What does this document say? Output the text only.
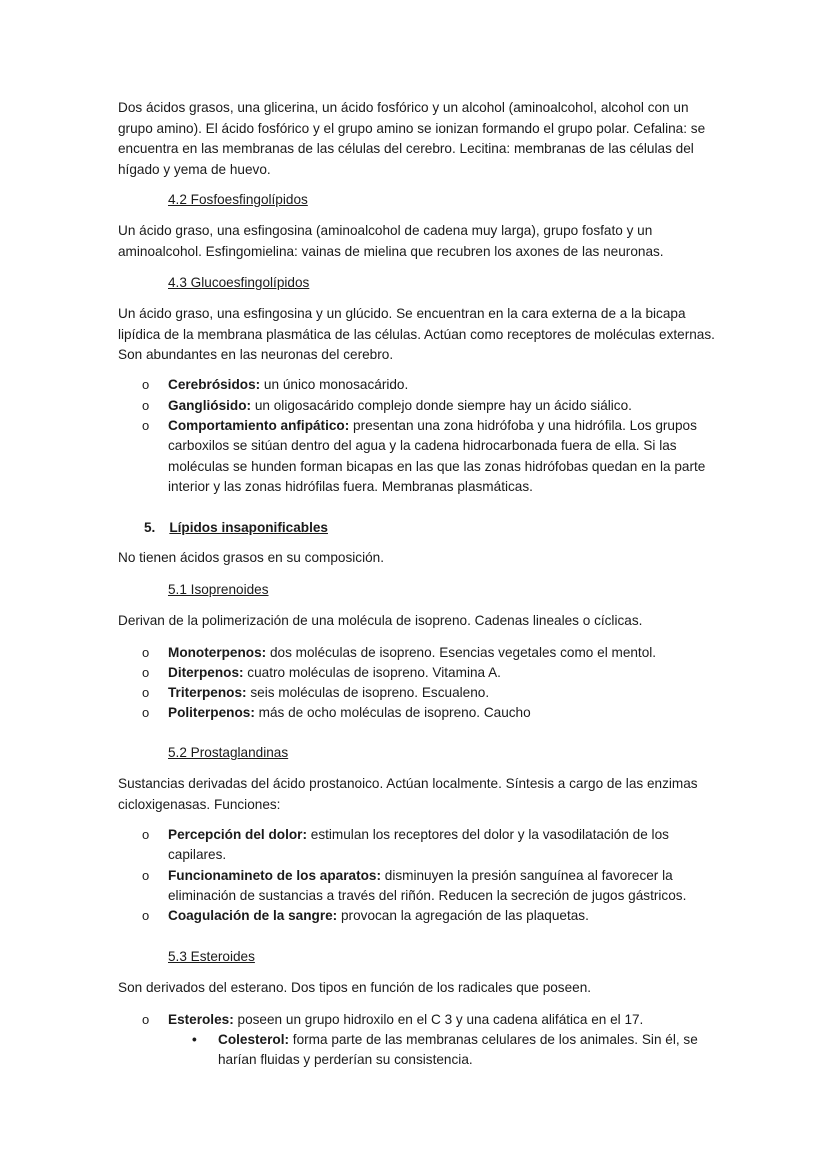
Dos ácidos grasos, una glicerina, un ácido fosfórico y un alcohol (aminoalcohol, alcohol con un grupo amino). El ácido fosfórico y el grupo amino se ionizan formando el grupo polar. Cefalina: se encuentra en las membranas de las células del cerebro. Lecitina: membranas de las células del hígado y yema de huevo.

4.2 Fosfoesfingolípidos

Un ácido graso, una esfingosina (aminoalcohol de cadena muy larga), grupo fosfato y un aminoalcohol. Esfingomielina: vainas de mielina que recubren los axones de las neuronas.

4.3 Glucoesfingolípidos

Un ácido graso, una esfingosina y un glúcido. Se encuentran en la cara externa de a la bicapa lipídica de la membrana plasmática de las células. Actúan como receptores de moléculas externas. Son abundantes en las neuronas del cerebro.

o Cerebrósidos: un único monosacárido.
o Gangliósido: un oligosacárido complejo donde siempre hay un ácido siálico.
o Comportamiento anfipático: presentan una zona hidrófoba y una hidrófila. Los grupos carboxilos se sitúan dentro del agua y la cadena hidrocarbonada fuera de ella. Si las moléculas se hunden forman bicapas en las que las zonas hidrófobas quedan en la parte interior y las zonas hidrófilas fuera. Membranas plasmáticas.
5. Lípidos insaponificables

No tienen ácidos grasos en su composición.

5.1 Isoprenoides

Derivan de la polimerización de una molécula de isopreno. Cadenas lineales o cíclicas.

o Monoterpenos: dos moléculas de isopreno. Esencias vegetales como el mentol.
o Diterpenos: cuatro moléculas de isopreno. Vitamina A.
o Triterpenos: seis moléculas de isopreno. Escualeno.
o Politerpenos: más de ocho moléculas de isopreno. Caucho
5.2 Prostaglandinas

Sustancias derivadas del ácido prostanoico. Actúan localmente. Síntesis a cargo de las enzimas cicloxigenasas. Funciones:

o Percepción del dolor: estimulan los receptores del dolor y la vasodilatación de los capilares.
o Funcionamineto de los aparatos: disminuyen la presión sanguínea al favorecer la eliminación de sustancias a través del riñón. Reducen la secreción de jugos gástricos.
o Coagulación de la sangre: provocan la agregación de las plaquetas.
5.3 Esteroides

Son derivados del esterano. Dos tipos en función de los radicales que poseen.

o Esteroles: poseen un grupo hidroxilo en el C 3 y una cadena alifática en el 17.
• Colesterol: forma parte de las membranas celulares de los animales. Sin él, se harían fluidas y perderían su consistencia.
